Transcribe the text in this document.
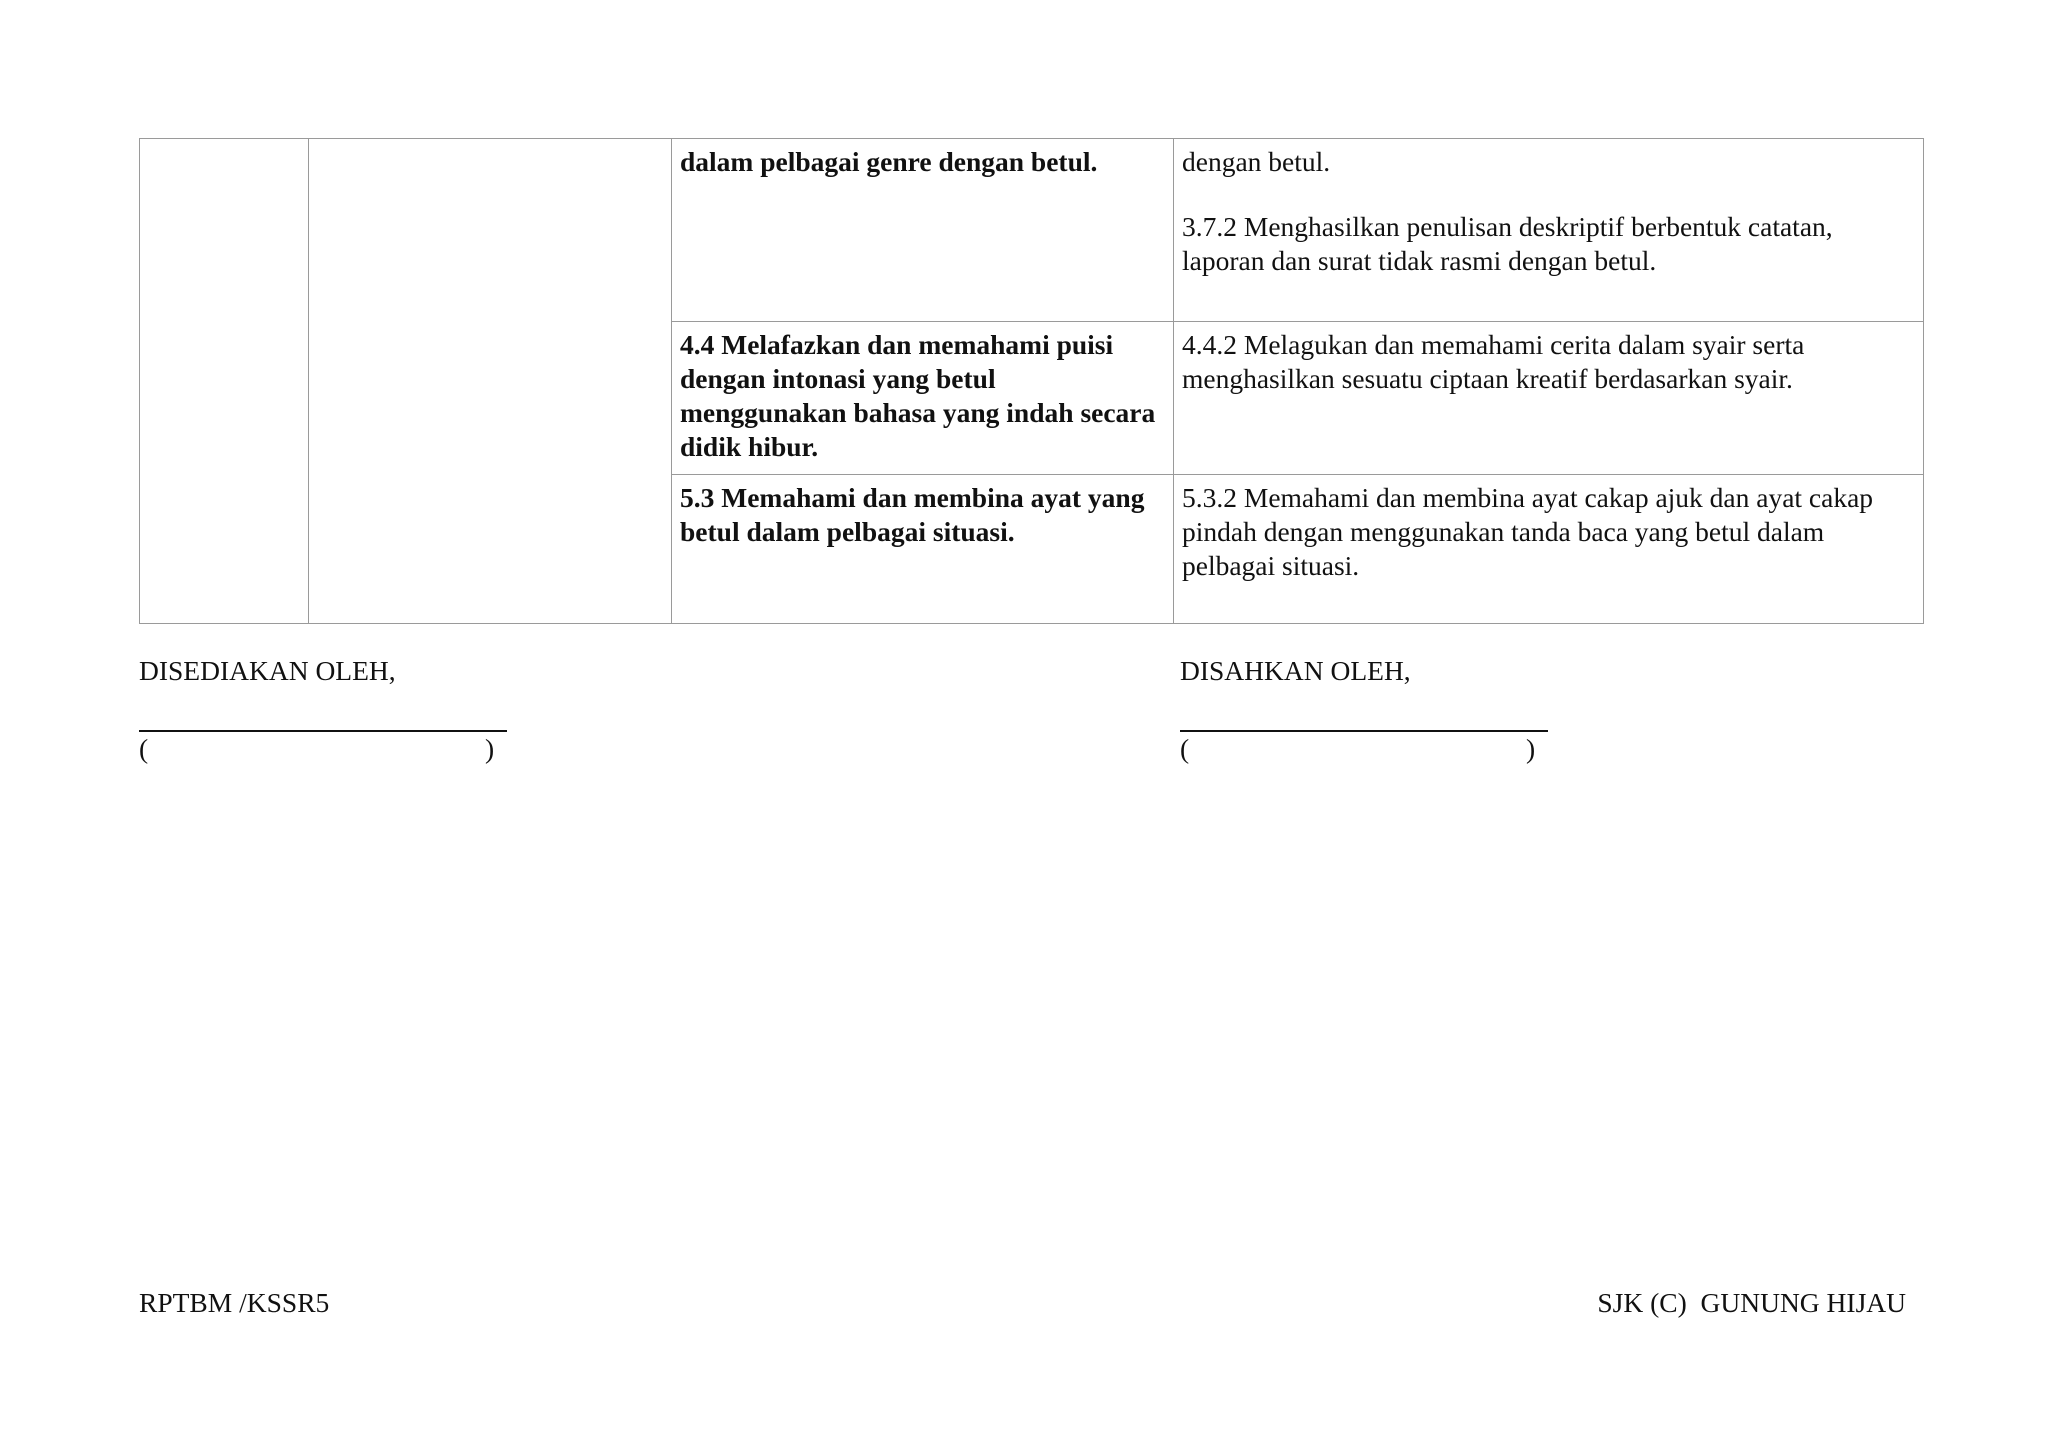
		dalam pelbagai genre dengan betul.	dengan betul.
3.7.2 Menghasilkan penulisan deskriptif berbentuk catatan, laporan dan surat tidak rasmi dengan betul.

		4.4 Melafazkan dan memahami puisi dengan intonasi yang betul menggunakan bahasa yang indah secara didik hibur.	4.4.2 Melagukan dan memahami cerita dalam syair serta menghasilkan sesuatu ciptaan kreatif berdasarkan syair.

		5.3 Memahami dan membina ayat yang
betul dalam pelbagai situasi.	5.3.2 Memahami dan membina ayat cakap ajuk dan ayat cakap pindah dengan menggunakan tanda baca yang betul dalam pelbagai situasi.
DISEDIAKAN OLEH,
(	)
DISAHKAN OLEH,
(	)
RPTBM /KSSR5	SJK (C)  GUNUNG HIJAU
